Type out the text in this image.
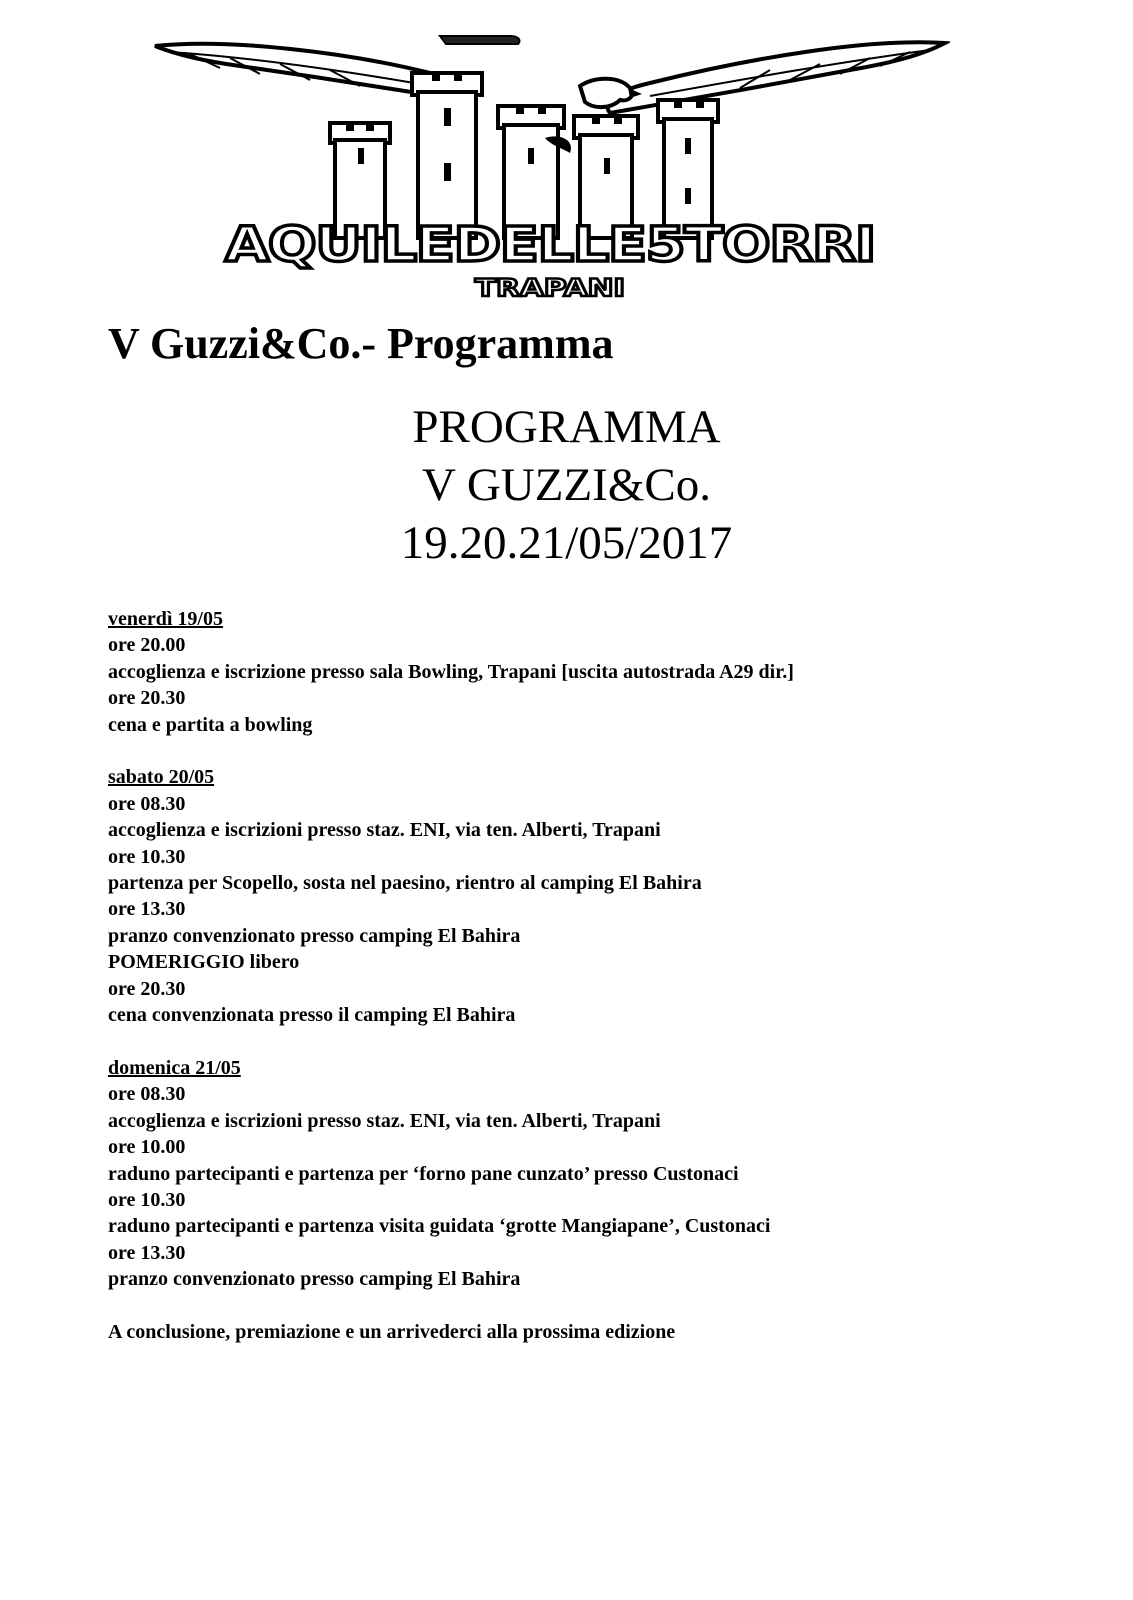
AQUILEDELLE5TORRI
TRAPANI
V Guzzi&Co.- Programma
PROGRAMMA
V GUZZI&Co.
19.20.21/05/2017
venerdì 19/05
ore 20.00
accoglienza e iscrizione presso sala Bowling, Trapani [uscita autostrada A29 dir.]
ore 20.30
cena e partita a bowling
sabato 20/05
ore 08.30
accoglienza e iscrizioni presso staz. ENI, via ten. Alberti, Trapani
ore 10.30
partenza per Scopello, sosta nel paesino, rientro al camping El Bahira
ore 13.30
pranzo convenzionato presso camping El Bahira
POMERIGGIO libero
ore 20.30
cena convenzionata presso il camping El Bahira
domenica 21/05
ore 08.30
accoglienza e iscrizioni presso staz. ENI, via ten. Alberti, Trapani
ore 10.00
raduno partecipanti e partenza per ‘forno pane cunzato’ presso Custonaci
ore 10.30
raduno partecipanti e partenza visita guidata ‘grotte Mangiapane’, Custonaci
ore 13.30
pranzo convenzionato presso camping El Bahira
A conclusione, premiazione e un arrivederci alla prossima edizione
